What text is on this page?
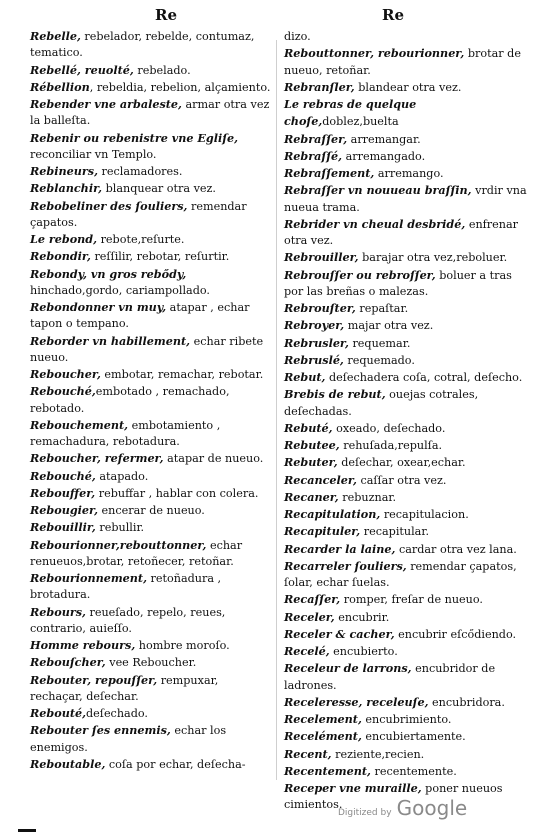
Re	Re

Rebelle, rebelador, rebelde, contumaz, tematico.

Rebellé, reuolté, rebelado.

Rébellion, rebeldia, rebelion, alçamiento.

Rebender vne arbaleste, armar otra vez la balleſta.

Rebenir ou rebenistre vne Egliſe, reconciliar vn Templo.

Rebineurs, reclamadores.

Reblanchir, blanquear otra vez.

Rebobeliner des ſouliers, remendar çapatos.

Le rebond, rebote,reſurte.

Rebondir, reſſilir, rebotar, reſurtir.

Rebondy, vn gros rebődy, hinchado,gordo, cariampollado.

Rebondonner vn muy, atapar , echar tapon o tempano.

Reborder vn habillement, echar ribete nueuo.

Reboucher, embotar, remachar, rebotar.

Rebouché,embotado , remachado, rebotado.

Rebouchement, embotamiento , remachadura, rebotadura.

Reboucher, refermer, atapar de nueuo.

Rebouché, atapado.

Rebouffer, rebuffar , hablar con colera.

Rebougier, encerar de nueuo.

Rebouillir, rebullir.

Rebourionner,rebouttonner, echar renueuos,brotar, retoñecer, retoñar.

Rebourionnement, retoñadura , brotadura.

Rebours, reueſado, repelo, reues, contrario, auieſſo.

Homme rebours, hombre moroſo.

Rebouſcher, vee Reboucher.

Rebouter, repouſſer, rempuxar, rechaçar, deſechar.

Rebouté,deſechado.

Rebouter ſes ennemis, echar los enemigos.

Reboutable, coſa por echar, deſecha-

dizo.

Rebouttonner, rebourionner, brotar de nueuo, retoñar.

Rebranſler, blandear otra vez.

Le rebras de quelque choſe,doblez,buelta

Rebraſſer, arremangar.

Rebraſſé, arremangado.

Rebraſſement, arremango.

Rebraſſer vn nouueau braſſin, vrdir vna nueua trama.

Rebrider vn cheual desbridé, enfrenar otra vez.

Rebrouiller, barajar otra vez,reboluer.

Rebrouſſer ou rebroſſer, boluer a tras por las breñas o malezas.

Rebrouſter, repaſtar.

Rebroyer, majar otra vez.

Rebrusler, requemar.

Rebruslé, requemado.

Rebut, deſechadera coſa, cotral, deſecho.

Brebis de rebut, ouejas cotrales, deſechadas.

Rebuté, oxeado, deſechado.

Rebutee, rehuſada,repulſa.

Rebuter, deſechar, oxear,echar.

Recanceler, caſſar otra vez.

Recaner, rebuznar.

Recapitulation, recapitulacion.

Recapituler, recapitular.

Recarder la laine, cardar otra vez lana.

Recarreler ſouliers, remendar çapatos, ſolar, echar ſuelas.

Recaſſer, romper, freſar de nueuo.

Receler, encubrir.

Receler & cacher, encubrir eſcődiendo.

Recelé, encubierto.

Receleur de larrons, encubridor de ladrones.

Receleresse, receleuſe, encubridora.

Recelement, encubrimiento.

Recelément, encubiertamente.

Recent, reziente,recien.

Recentement, recentemente.

Receper vne muraille, poner nueuos cimientos.

Digitized by Google
